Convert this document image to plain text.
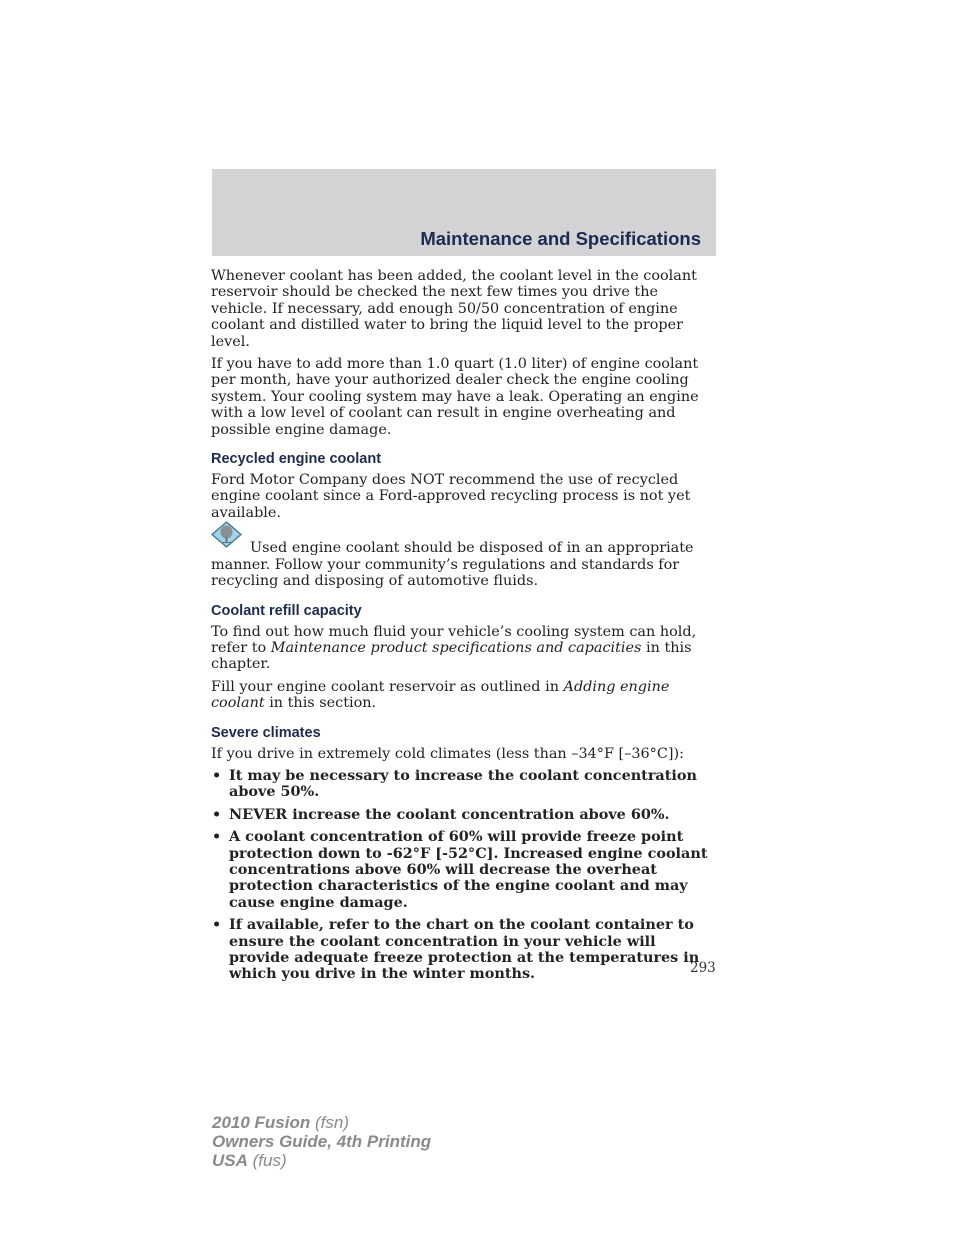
Maintenance and Specifications

Whenever coolant has been added, the coolant level in the coolant reservoir should be checked the next few times you drive the vehicle. If necessary, add enough 50/50 concentration of engine coolant and distilled water to bring the liquid level to the proper level.

If you have to add more than 1.0 quart (1.0 liter) of engine coolant per month, have your authorized dealer check the engine cooling system. Your cooling system may have a leak. Operating an engine with a low level of coolant can result in engine overheating and possible engine damage.

Recycled engine coolant

Ford Motor Company does NOT recommend the use of recycled engine coolant since a Ford-approved recycling process is not yet available.

Used engine coolant should be disposed of in an appropriate manner. Follow your community’s regulations and standards for recycling and disposing of automotive fluids.

Coolant refill capacity

To find out how much fluid your vehicle’s cooling system can hold, refer to Maintenance product specifications and capacities in this chapter.

Fill your engine coolant reservoir as outlined in Adding engine coolant in this section.

Severe climates

If you drive in extremely cold climates (less than –34°F [–36°C]):

• It may be necessary to increase the coolant concentration above 50%.
• NEVER increase the coolant concentration above 60%.
• A coolant concentration of 60% will provide freeze point protection down to -62°F [-52°C]. Increased engine coolant concentrations above 60% will decrease the overheat protection characteristics of the engine coolant and may cause engine damage.
• If available, refer to the chart on the coolant container to ensure the coolant concentration in your vehicle will provide adequate freeze protection at the temperatures in which you drive in the winter months.	293
2010 Fusion (fsn)
Owners Guide, 4th Printing
USA (fus)
